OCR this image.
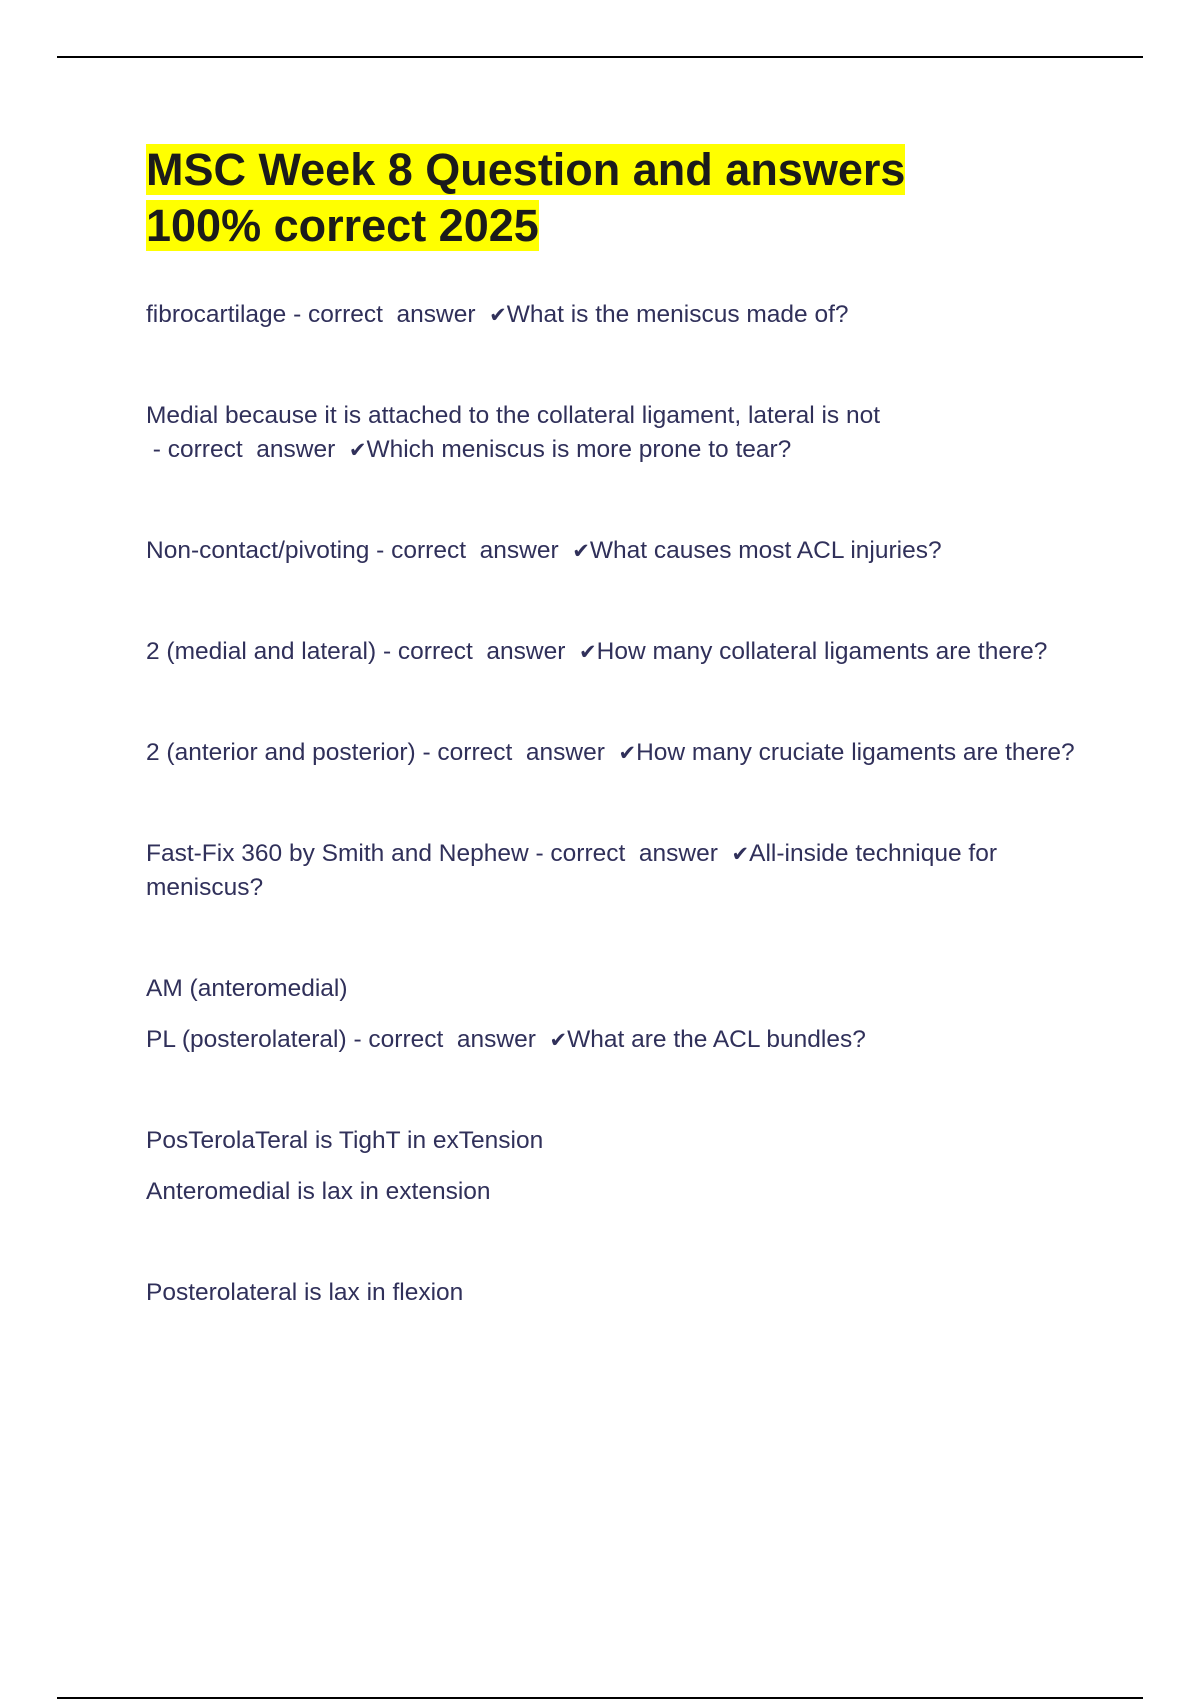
MSC Week 8 Question and answers
100% correct 2025

fibrocartilage - correct  answer  ✔What is the meniscus made of?

Medial because it is attached to the collateral ligament, lateral is not - correct  answer  ✔Which meniscus is more prone to tear?

Non-contact/pivoting - correct  answer  ✔What causes most ACL injuries?

2 (medial and lateral) - correct  answer  ✔How many collateral ligaments are there?

2 (anterior and posterior) - correct  answer  ✔How many cruciate ligaments are there?

Fast-Fix 360 by Smith and Nephew - correct  answer  ✔All-inside technique for meniscus?

AM (anteromedial)

PL (posterolateral) - correct  answer  ✔What are the ACL bundles?

PosTerolaTeral is TighT in exTension

Anteromedial is lax in extension

Posterolateral is lax in flexion
